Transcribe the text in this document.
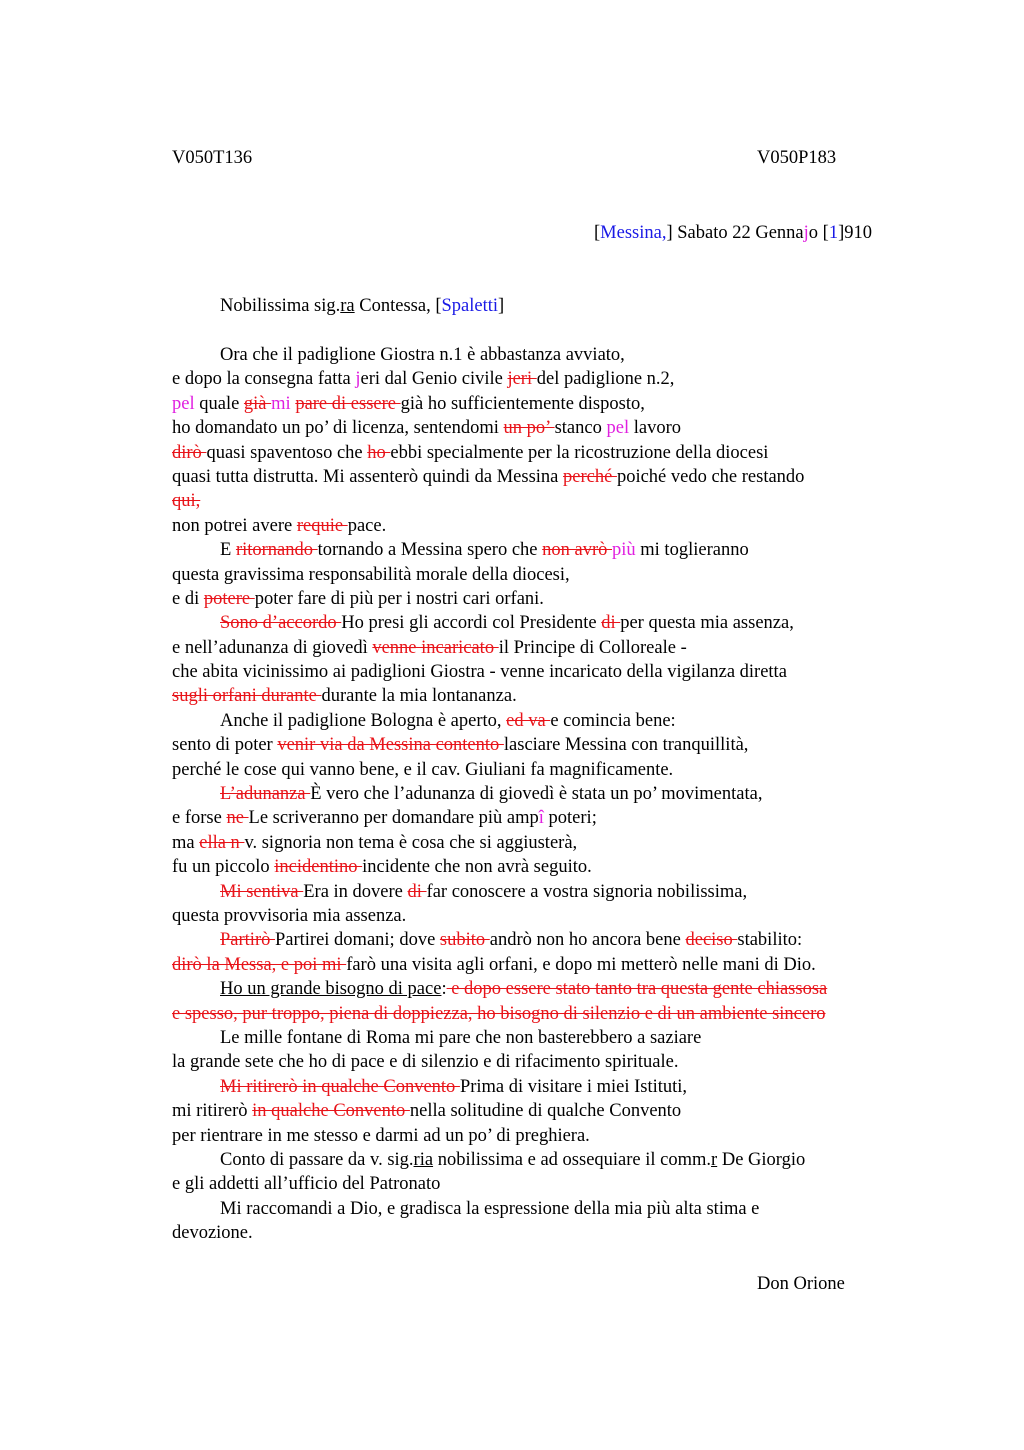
V050T136	V050P183
[Messina,] Sabato 22 Gennajo [1]910
Nobilissima sig.ra Contessa, [Spaletti]
Ora che il padiglione Giostra n.1 è abbastanza avviato,
e dopo la consegna fatta jeri dal Genio civile jeri del padiglione n.2,
pel quale già mi pare di essere già ho sufficientemente disposto,
ho domandato un po’ di licenza, sentendomi un po’ stanco pel lavoro
dirò quasi spaventoso che ho ebbi specialmente per la ricostruzione della diocesi
quasi tutta distrutta. Mi assenterò quindi da Messina perché poiché vedo che restando
qui,
non potrei avere requie pace.
E ritornando tornando a Messina spero che non avrò più mi toglieranno
questa gravissima responsabilità morale della diocesi,
e di potere poter fare di più per i nostri cari orfani.
Sono d’accordo Ho presi gli accordi col Presidente di per questa mia assenza,
e nell’adunanza di giovedì venne incaricato il Principe di Colloreale -
che abita vicinissimo ai padiglioni Giostra - venne incaricato della vigilanza diretta
sugli orfani durante durante la mia lontananza.
Anche il padiglione Bologna è aperto, ed va e comincia bene:
sento di poter venir via da Messina contento lasciare Messina con tranquillità,
perché le cose qui vanno bene, e il cav. Giuliani fa magnificamente.
L’adunanza È vero che l’adunanza di giovedì è stata un po’ movimentata,
e forse ne Le scriveranno per domandare più ampî poteri;
ma ella n v. signoria non tema è cosa che si aggiusterà,
fu un piccolo incidentino incidente che non avrà seguito.
Mi sentiva Era in dovere di far conoscere a vostra signoria nobilissima,
questa provvisoria mia assenza.
Partirò Partirei domani; dove subito andrò non ho ancora bene deciso stabilito:
dirò la Messa, e poi mi farò una visita agli orfani, e dopo mi metterò nelle mani di Dio.
Ho un grande bisogno di pace: e dopo essere stato tanto tra questa gente chiassosa
e spesso, pur troppo, piena di doppiezza, ho bisogno di silenzio e di un ambiente sincero
Le mille fontane di Roma mi pare che non basterebbero a saziare
la grande sete che ho di pace e di silenzio e di rifacimento spirituale.
Mi ritirerò in qualche Convento Prima di visitare i miei Istituti,
mi ritirerò in qualche Convento nella solitudine di qualche Convento
per rientrare in me stesso e darmi ad un po’ di preghiera.
Conto di passare da v. sig.ria nobilissima e ad ossequiare il comm.r De Giorgio
e gli addetti all’ufficio del Patronato
Mi raccomandi a Dio, e gradisca la espressione della mia più alta stima e
devozione.
Don Orione
